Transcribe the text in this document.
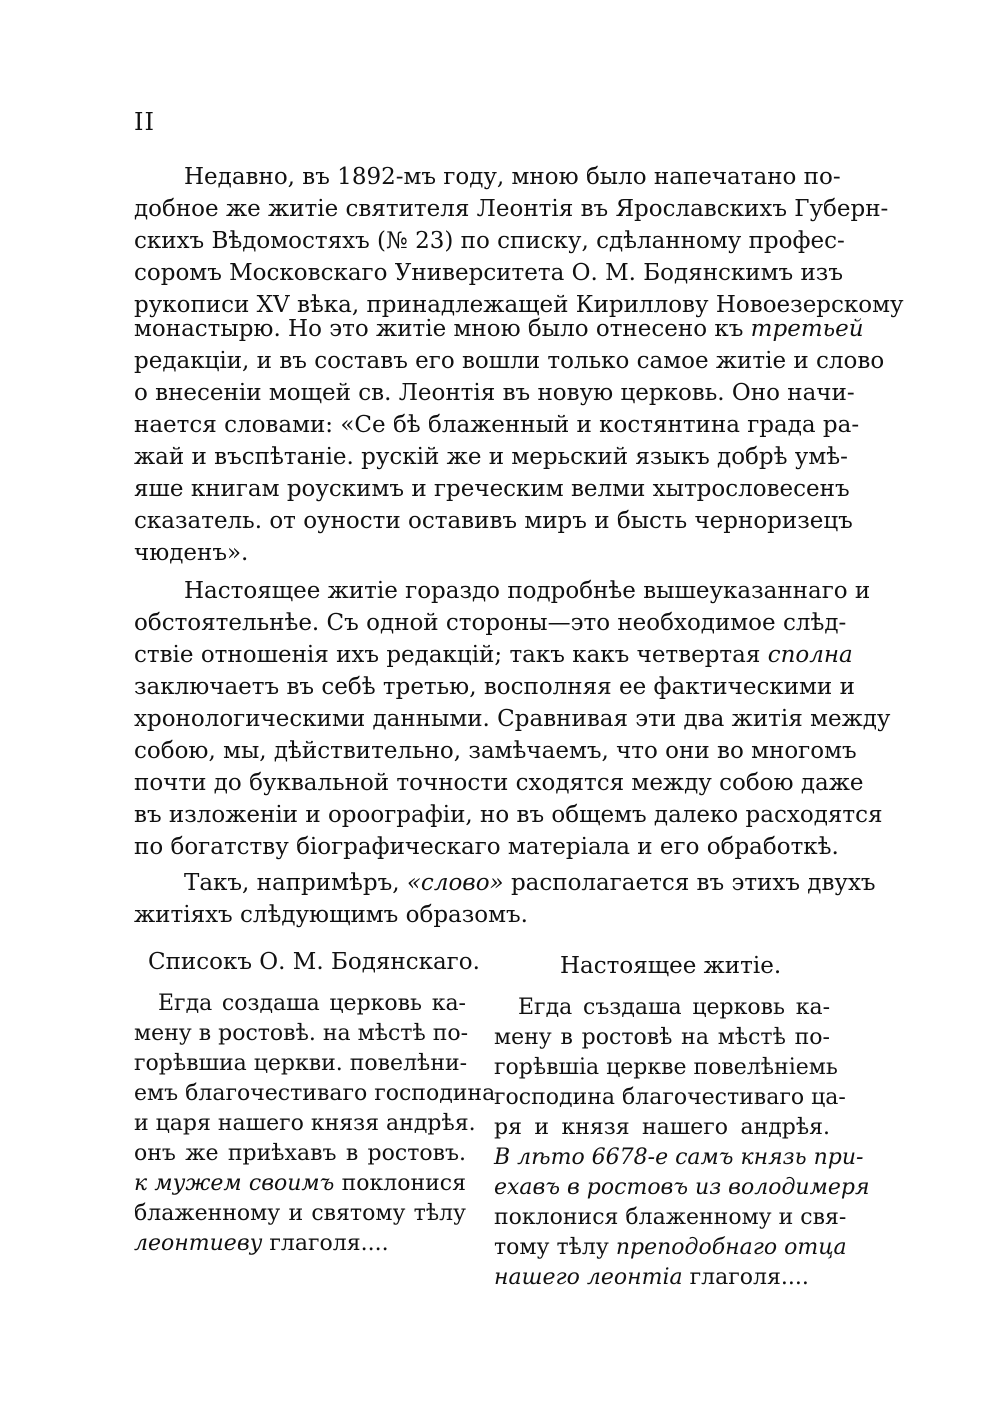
II
Недавно, въ 1892-мъ году, мною было напечатано по-
добное же житіе святителя Леонтія въ Ярославскихъ Губерн-
скихъ Вѣдомостяхъ (№ 23) по списку, сдѣланному профес-
соромъ Московскаго Университета О. М. Бодянскимъ изъ
рукописи XV вѣка, принадлежащей Кириллову Новоезерскому
монастырю. Но это житіе мною было отнесено къ третьей
редакціи, и въ составъ его вошли только самое житіе и слово
о внесеніи мощей св. Леонтія въ новую церковь. Оно начи-
нается словами: «Се бѣ блаженный и костянтина града ра-
жай и въспѣтаніе. рускій же и мерьский языкъ добрѣ умѣ-
яше книгам роускимъ и греческим велми хытрословесенъ
сказатель. от оуности оставивъ миръ и бысть черноризецъ
чюденъ».
Настоящее житіе гораздо подробнѣе вышеуказаннаго и
обстоятельнѣе. Съ одной стороны—это необходимое слѣд-
ствіе отношенія ихъ редакцій; такъ какъ четвертая сполна
заключаетъ въ себѣ третью, восполняя ее фактическими и
хронологическими данными. Сравнивая эти два житія между
собою, мы, дѣйствительно, замѣчаемъ, что они во многомъ
почти до буквальной точности сходятся между собою даже
въ изложеніи и ороографіи, но въ общемъ далеко расходятся
по богатству біографическаго матеріала и его обработкѣ.
Такъ, напримѣръ, «слово» располагается въ этихъ двухъ
житіяхъ слѣдующимъ образомъ.
Списокъ О. М. Бодянскаго.
Егда создаша церковь ка-
мену в ростовѣ. на мѣстѣ по-
горѣвшиа церкви. повелѣни-
емъ благочестиваго господина
и царя нашего князя андрѣя.
онъ же приѣхавъ в ростовъ.
к мужем своимъ поклонися
блаженному и святому тѣлу
леонтиеву глаголя....
Настоящее житіе.
Егда създаша церковь ка-
мену в ростовѣ на мѣстѣ по-
горѣвшіа церкве повелѣніемь
господина благочестиваго ца-
ря и князя нашего андрѣя.
В лѣто 6678-е самъ князь при-
ехавъ в ростовъ из володимеря
поклонися блаженному и свя-
тому тѣлу преподобнаго отца
нашего леонтіа глаголя....
